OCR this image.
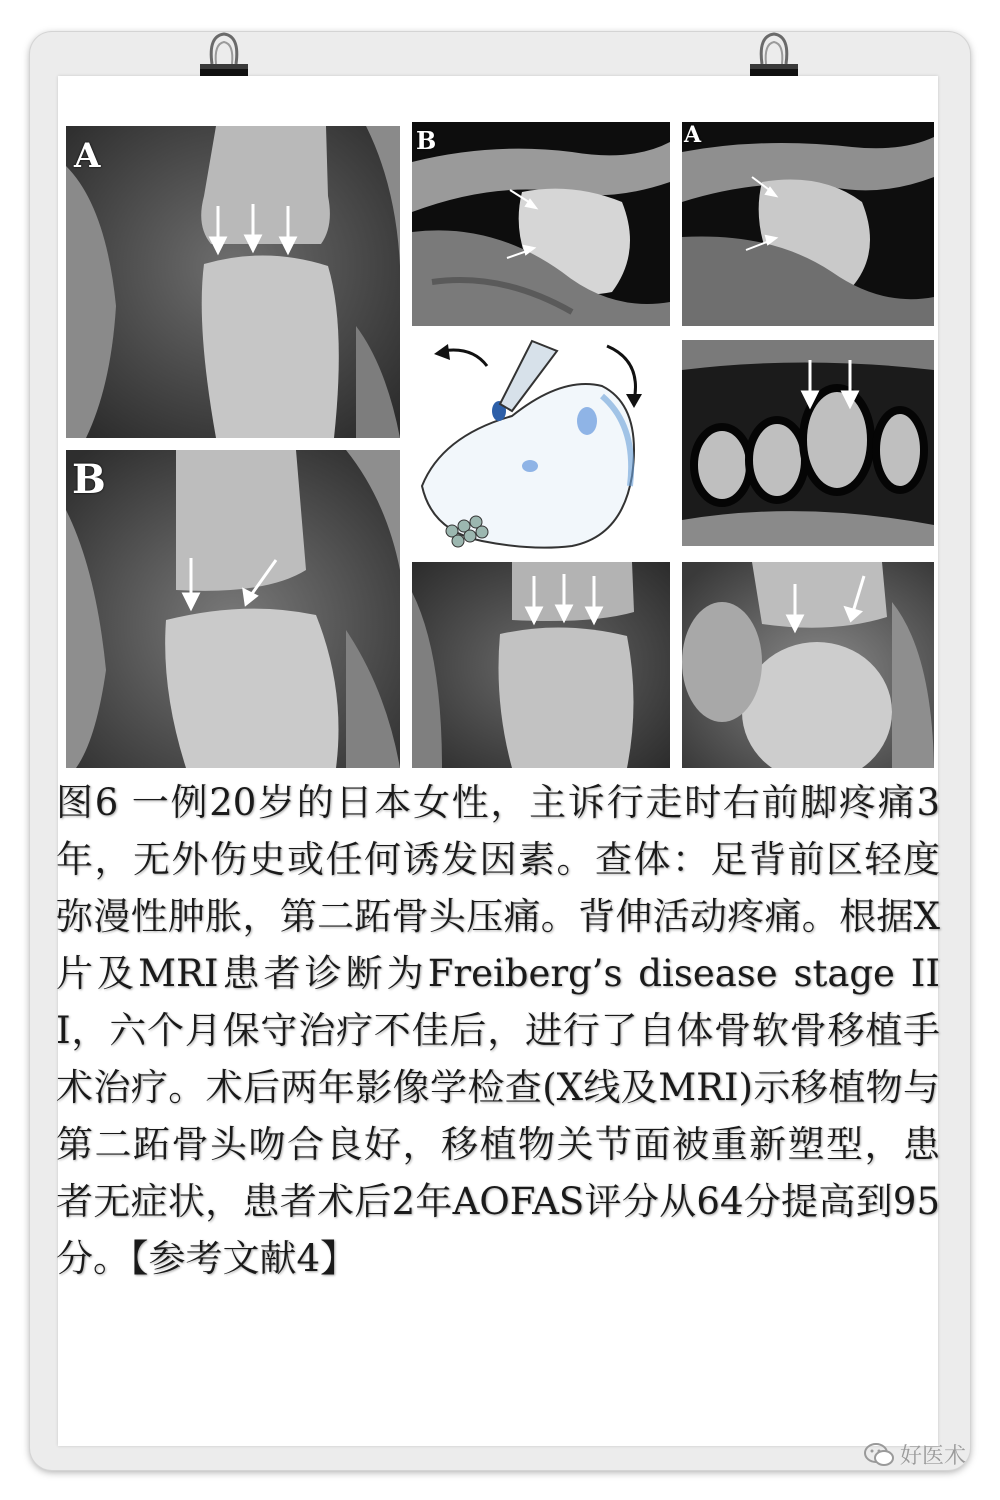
A
B
B	A

图6 一例20岁的日本女性，主诉行走时右前脚疼痛3年，无外伤史或任何诱发因素。查体：足背前区轻度弥漫性肿胀，第二跖骨头压痛。背伸活动疼痛。根据X片及MRI患者诊断为Freiberg’s disease stage III，六个月保守治疗不佳后，进行了自体骨软骨移植手术治疗。术后两年影像学检查(X线及MRI)示移植物与第二跖骨头吻合良好，移植物关节面被重新塑型，患者无症状，患者术后2年AOFAS评分从64分提高到95分。【参考文献4】

好医术
